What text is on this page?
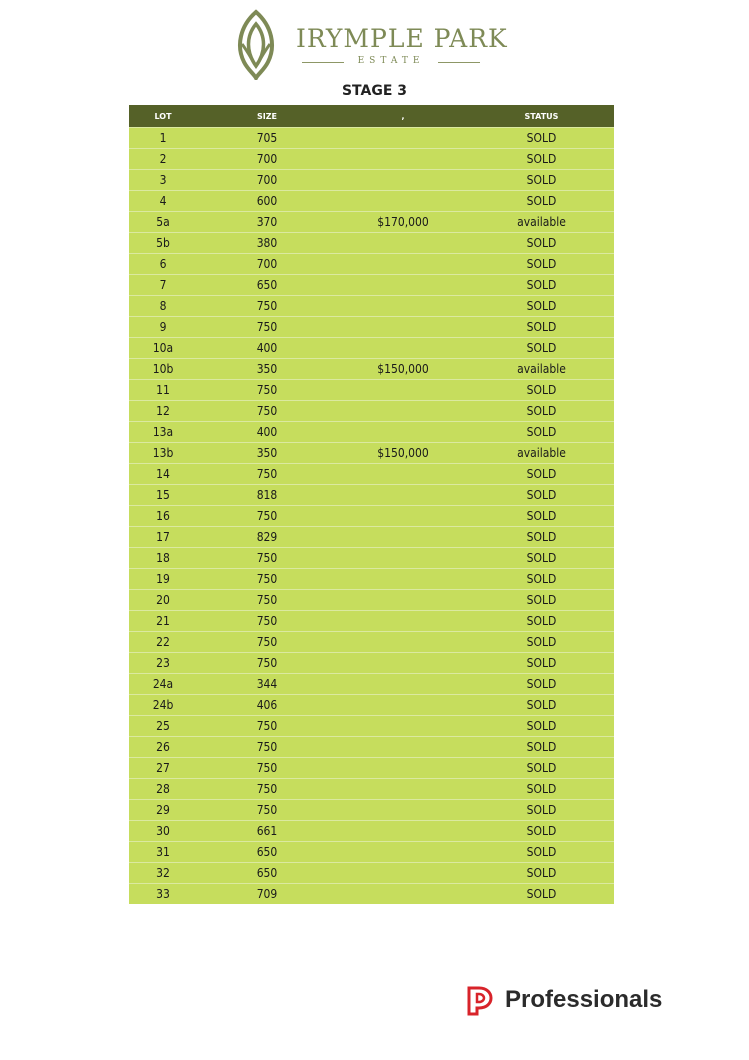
IRYMPLE PARK
ESTATE
STAGE 3
LOT	SIZE	,	STATUS
1	705		SOLD
2	700		SOLD
3	700		SOLD
4	600		SOLD
5a	370	$170,000	available
5b	380		SOLD
6	700		SOLD
7	650		SOLD
8	750		SOLD
9	750		SOLD
10a	400		SOLD
10b	350	$150,000	available
11	750		SOLD
12	750		SOLD
13a	400		SOLD
13b	350	$150,000	available
14	750		SOLD
15	818		SOLD
16	750		SOLD
17	829		SOLD
18	750		SOLD
19	750		SOLD
20	750		SOLD
21	750		SOLD
22	750		SOLD
23	750		SOLD
24a	344		SOLD
24b	406		SOLD
25	750		SOLD
26	750		SOLD
27	750		SOLD
28	750		SOLD
29	750		SOLD
30	661		SOLD
31	650		SOLD
32	650		SOLD
33	709		SOLD
Professionals
